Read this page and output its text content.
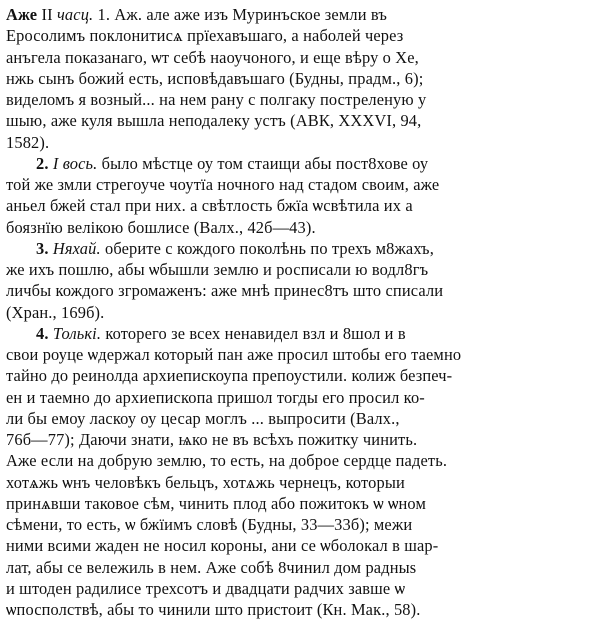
Аже II часц. 1. Аж. але аже изъ Муринъское земли въ
Еросолимъ поклонитисѧ прїехавъшаго, а наболей через
анъгела показанаго, ѡт себѣ наоучоного, и еще вѣру о Хе,
нжь сынъ божий есть, исповѣдавъшаго (Будны, прадм., 6);
виделомъ я возный... на нем рану с полгаку постреленую у
шыю, аже куля вышла неподалеку устъ (АВК, XXXVI, 94,
1582).
2. І вось. было мѣстце оу том стаищи абы пост8хове оу
той же змли стрегоуче чоутїа ночного над стадом своим, аже
аньел бжей стал при них. а свѣтлость бжїа ѡсвѣтила их а
боязнїю велікою бошлисе (Валх., 42б—43).
3. Няхай. оберите с кождого поколѣнь по трехъ м8жахъ,
же ихъ пошлю, абы ѡбышли землю и росписали ю водл8гъ
личбы кождого згромаженъ: аже мнѣ принес8тъ што списали
(Хран., 169б).
4. Толькі. которего зе всех ненавидел взл и 8шол и в
свои роуце ѡдержал который пан аже просил штобы его таемно
тайно до реинолда архиепискоупа препоустили. колиж безпеч-
ен и таемно до архиепископа пришол тогды его просил ко-
ли бы емоу ласкоу оу цесар моглъ ... выпросити (Валх.,
76б—77); Даючи знати, ѩко не въ всѣхъ пожитку чинить.
Аже если на добрую землю, то есть, на доброе сердце падеть.
хотѧжь ѡнъ человѣкъ бельцъ, хотѧжь чернецъ, которыи
принѧвши таковое сѣм, чинить плод або пожитокъ ѡ ѡном
сѣмени, то есть, ѡ бжїимъ словѣ (Будны, 33—33б); межи
ними всими жаден не носил короны, ани се ѡболокал в шар-
лат, абы се вележиль в нем. Аже собѣ 8чинил дом радныs
и штоден радилисе трехсотъ и двадцати радчих завше ѡ
ѡпосполствѣ, абы то чинили што пристоит (Кн. Мак., 58).
